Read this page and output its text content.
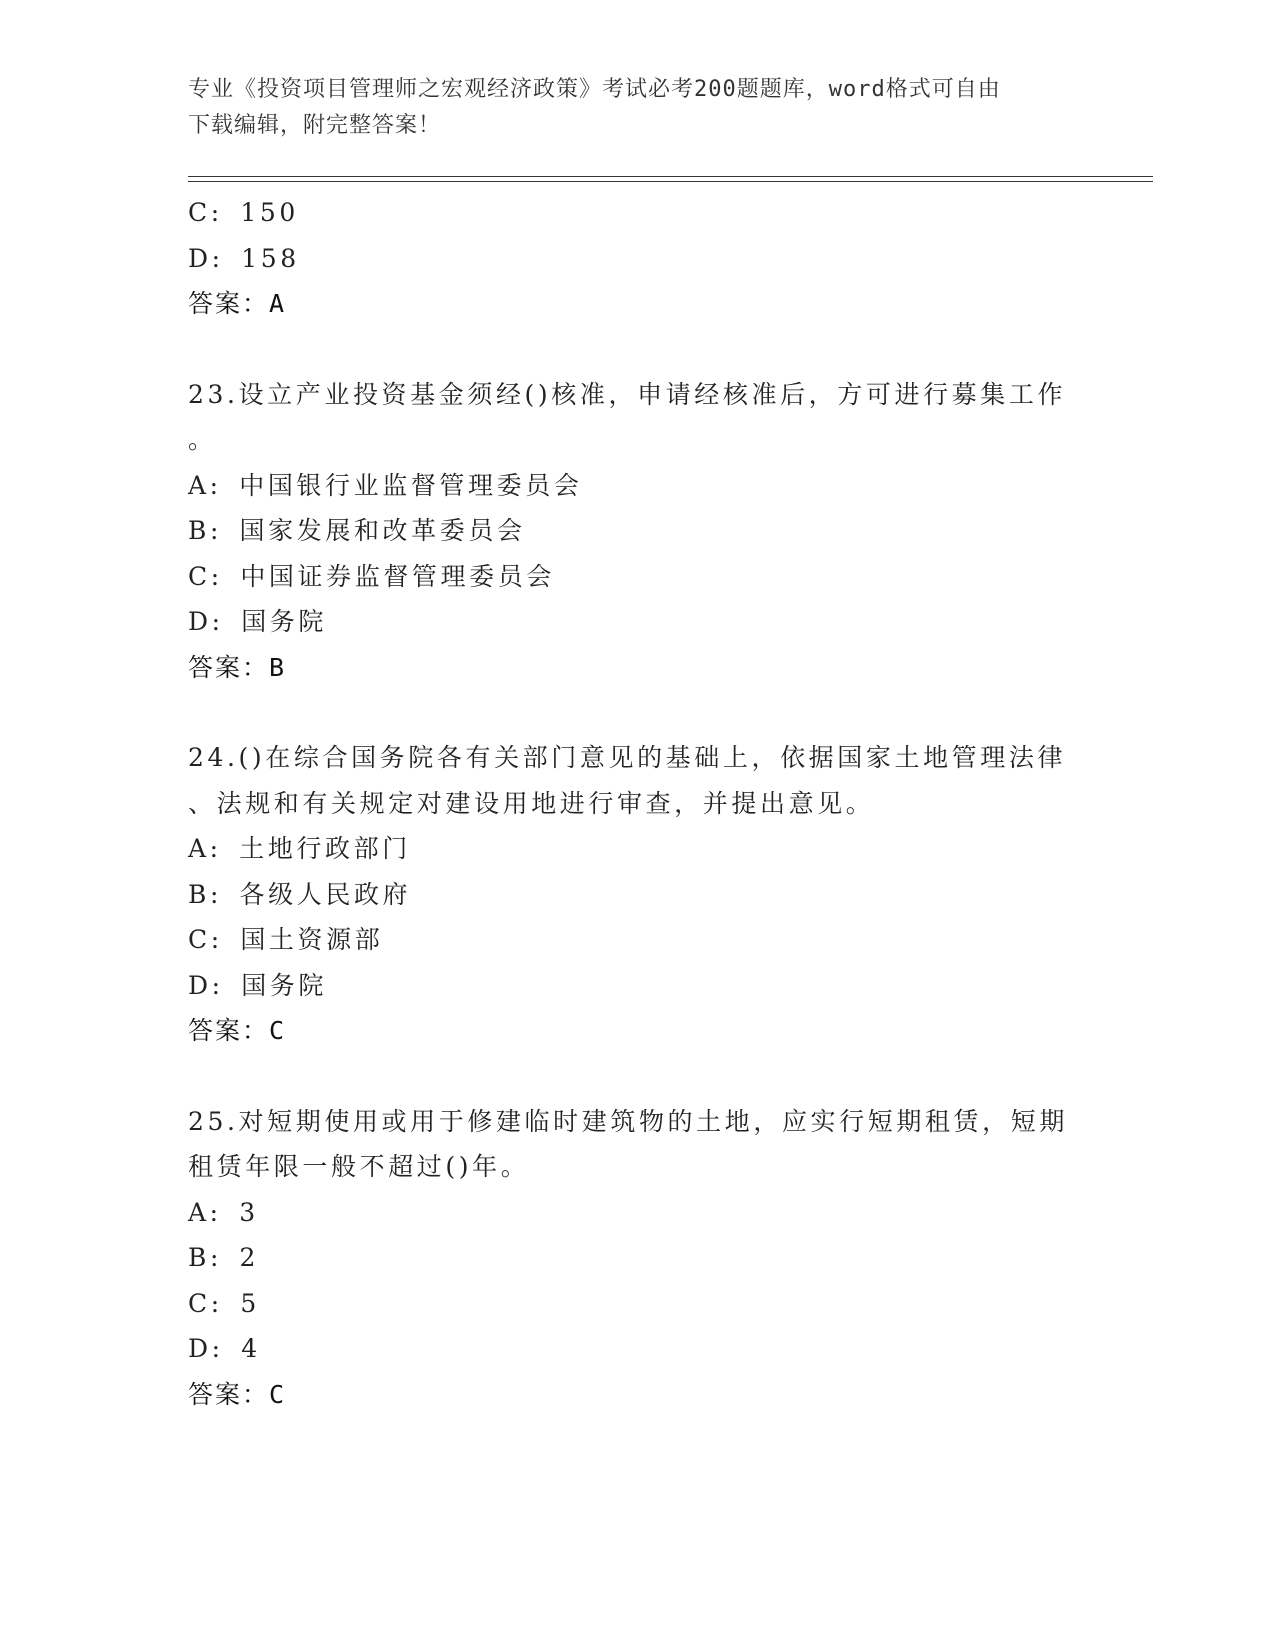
专业《投资项目管理师之宏观经济政策》考试必考200题题库，word格式可自由
下载编辑，附完整答案！
C: 150
D: 158
答案：A
23.设立产业投资基金须经()核准，申请经核准后，方可进行募集工作
。
A: 中国银行业监督管理委员会
B: 国家发展和改革委员会
C: 中国证券监督管理委员会
D: 国务院
答案：B
24.()在综合国务院各有关部门意见的基础上，依据国家土地管理法律
、法规和有关规定对建设用地进行审查，并提出意见。
A: 土地行政部门
B: 各级人民政府
C: 国土资源部
D: 国务院
答案：C
25.对短期使用或用于修建临时建筑物的土地，应实行短期租赁，短期
租赁年限一般不超过()年。
A: 3
B: 2
C: 5
D: 4
答案：C
